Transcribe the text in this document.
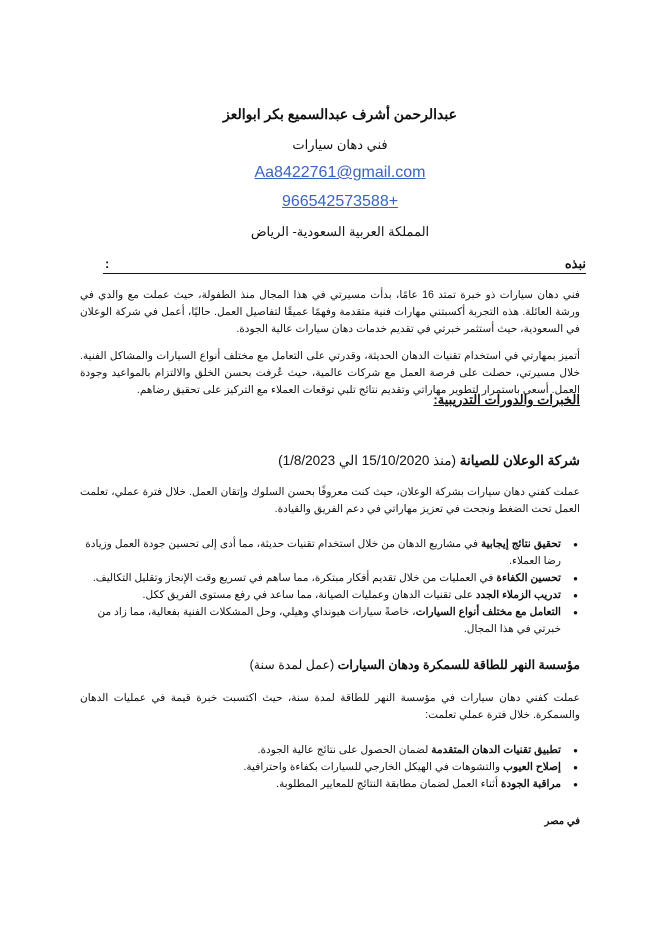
عبدالرحمن أشرف عبدالسميع بكر ابوالعز
فني دهان سيارات
Aa8422761@gmail.com
+966542573588
المملكة العربية السعودية- الرياض
نبذه
:
فني دهان سيارات ذو خبرة تمتد 16 عامًا، بدأت مسيرتي في هذا المجال منذ الطفولة، حيث عملت مع والدي في ورشة العائلة. هذه التجربة أكسبتني مهارات فنية متقدمة وفهمًا عميقًا لتفاصيل العمل. حاليًا، أعمل في شركة الوعلان في السعودية، حيث أستثمر خبرتي في تقديم خدمات دهان سيارات عالية الجودة.
أتميز بمهارتي في استخدام تقنيات الدهان الحديثة، وقدرتي على التعامل مع مختلف أنواع السيارات والمشاكل الفنية. خلال مسيرتي، حصلت على فرصة العمل مع شركات عالمية، حيث عُرفت بحسن الخلق والالتزام بالمواعيد وجودة العمل. أسعى باستمرار لتطوير مهاراتي وتقديم نتائج تلبي توقعات العملاء مع التركيز على تحقيق رضاهم.
الخبرات والدورات التدريبية:
شركة الوعلان للصيانة (منذ 15/10/2020 الي 1/8/2023)
عملت كفني دهان سيارات بشركة الوعلان، حيث كنت معروفًا بحسن السلوك وإتقان العمل. خلال فترة عملي، تعلمت العمل تحت الضغط ونجحت في تعزيز مهاراتي في دعم الفريق والقيادة.
● تحقيق نتائج إيجابية في مشاريع الدهان من خلال استخدام تقنيات حديثة، مما أدى إلى تحسين جودة العمل وزيادة رضا العملاء.
● تحسين الكفاءة في العمليات من خلال تقديم أفكار مبتكرة، مما ساهم في تسريع وقت الإنجاز وتقليل التكاليف.
● تدريب الزملاء الجدد على تقنيات الدهان وعمليات الصيانة، مما ساعد في رفع مستوى الفريق ككل.
● التعامل مع مختلف أنواع السيارات، خاصةً سيارات هيونداي وهيلي، وحل المشكلات الفنية بفعالية، مما زاد من خبرتي في هذا المجال.
مؤسسة النهر للطاقة للسمكرة ودهان السيارات (عمل لمدة سنة)
عملت كفني دهان سيارات في مؤسسة النهر للطاقة لمدة سنة، حيث اكتسبت خبرة قيمة في عمليات الدهان والسمكرة. خلال فترة عملي تعلمت:
● تطبيق تقنيات الدهان المتقدمة لضمان الحصول على نتائج عالية الجودة.
● إصلاح العيوب والتشوهات في الهيكل الخارجي للسيارات بكفاءة واحترافية.
● مراقبة الجودة أثناء العمل لضمان مطابقة النتائج للمعايير المطلوبة.
في مصر
